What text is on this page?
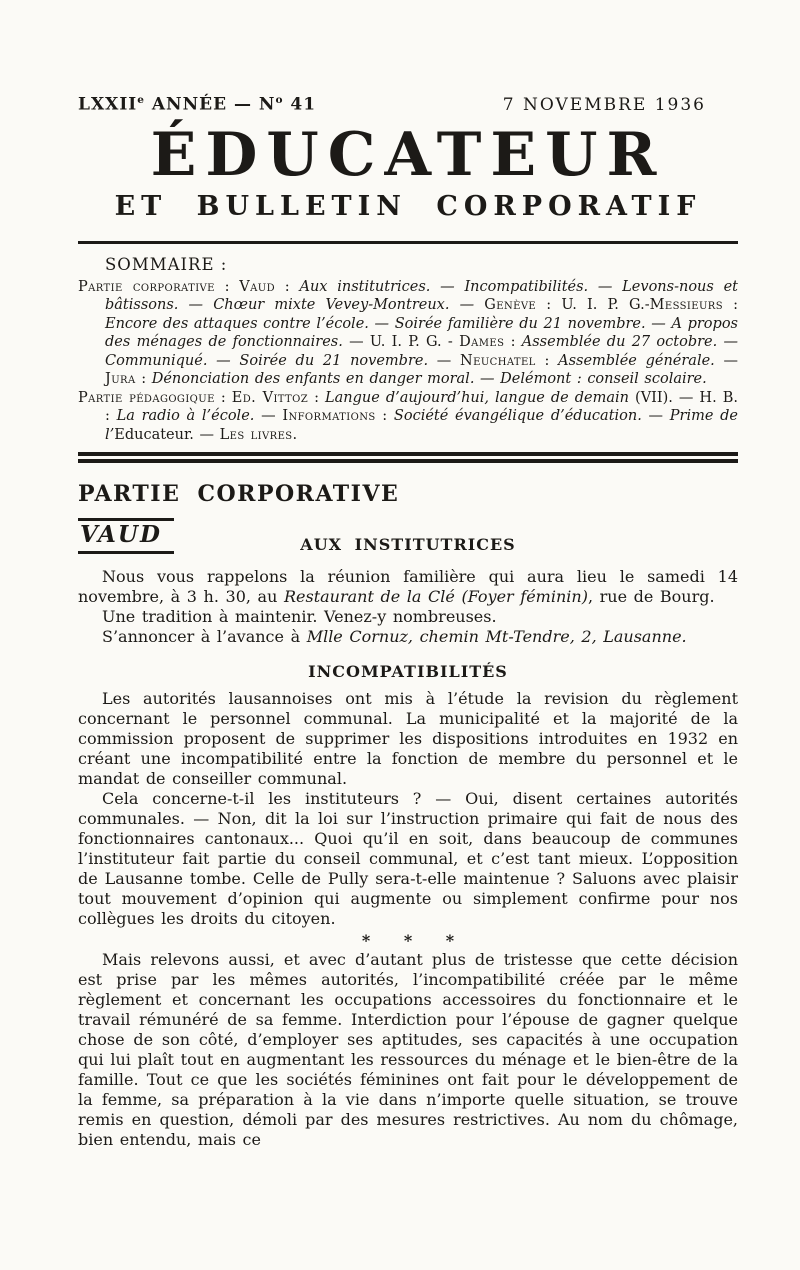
LXXIIe ANNÉE — $N^o$ 41	7 NOVEMBRE 1936
ÉDUCATEUR
ET BULLETIN CORPORATIF
SOMMAIRE :

Partie corporative : Vaud : Aux institutrices. — Incompatibilités. — Levons-nous et bâtissons. — Chœur mixte Vevey-Montreux. — Genève : U. I. P. G.-Messieurs : Encore des attaques contre l’école. — Soirée familière du 21 novembre. — A propos des ménages de fonctionnaires. — U. I. P. G. - Dames : Assemblée du 27 octobre. — Communiqué. — Soirée du 21 novembre. — Neuchatel : Assemblée générale. — Jura : Dénonciation des enfants en danger moral. — Delémont : conseil scolaire.

Partie pédagogique : Ed. Vittoz : Langue d’aujourd’hui, langue de demain (VII). — H. B. : La radio à l’école. — Informations : Société évangélique d’éducation. — Prime de l’Educateur. — Les livres.

PARTIE CORPORATIVE
VAUD	AUX INSTITUTRICES

Nous vous rappelons la réunion familière qui aura lieu le samedi 14 novembre, à 3 h. 30, au Restaurant de la Clé (Foyer féminin), rue de Bourg.

Une tradition à maintenir. Venez-y nombreuses.

S’annoncer à l’avance à Mlle Cornuz, chemin Mt-Tendre, 2, Lausanne.

INCOMPATIBILITÉS

Les autorités lausannoises ont mis à l’étude la revision du règlement concernant le personnel communal. La municipalité et la majorité de la commission proposent de supprimer les dispositions introduites en 1932 en créant une incompatibilité entre la fonction de membre du personnel et le mandat de conseiller communal.

Cela concerne-t-il les instituteurs ? — Oui, disent certaines autorités communales. — Non, dit la loi sur l’instruction primaire qui fait de nous des fonctionnaires cantonaux... Quoi qu’il en soit, dans beaucoup de communes l’instituteur fait partie du conseil communal, et c’est tant mieux. L’opposition de Lausanne tombe. Celle de Pully sera-t-elle maintenue ? Saluons avec plaisir tout mouvement d’opinion qui augmente ou simplement confirme pour nos collègues les droits du citoyen.

* * *

Mais relevons aussi, et avec d’autant plus de tristesse que cette décision est prise par les mêmes autorités, l’incompatibilité créée par le même règlement et concernant les occupations accessoires du fonctionnaire et le travail rémunéré de sa femme. Interdiction pour l’épouse de gagner quelque chose de son côté, d’employer ses aptitudes, ses capacités à une occupation qui lui plaît tout en augmentant les ressources du ménage et le bien-être de la famille. Tout ce que les sociétés féminines ont fait pour le développement de la femme, sa préparation à la vie dans n’importe quelle situation, se trouve remis en question, démoli par des mesures restrictives. Au nom du chômage, bien entendu, mais ce
